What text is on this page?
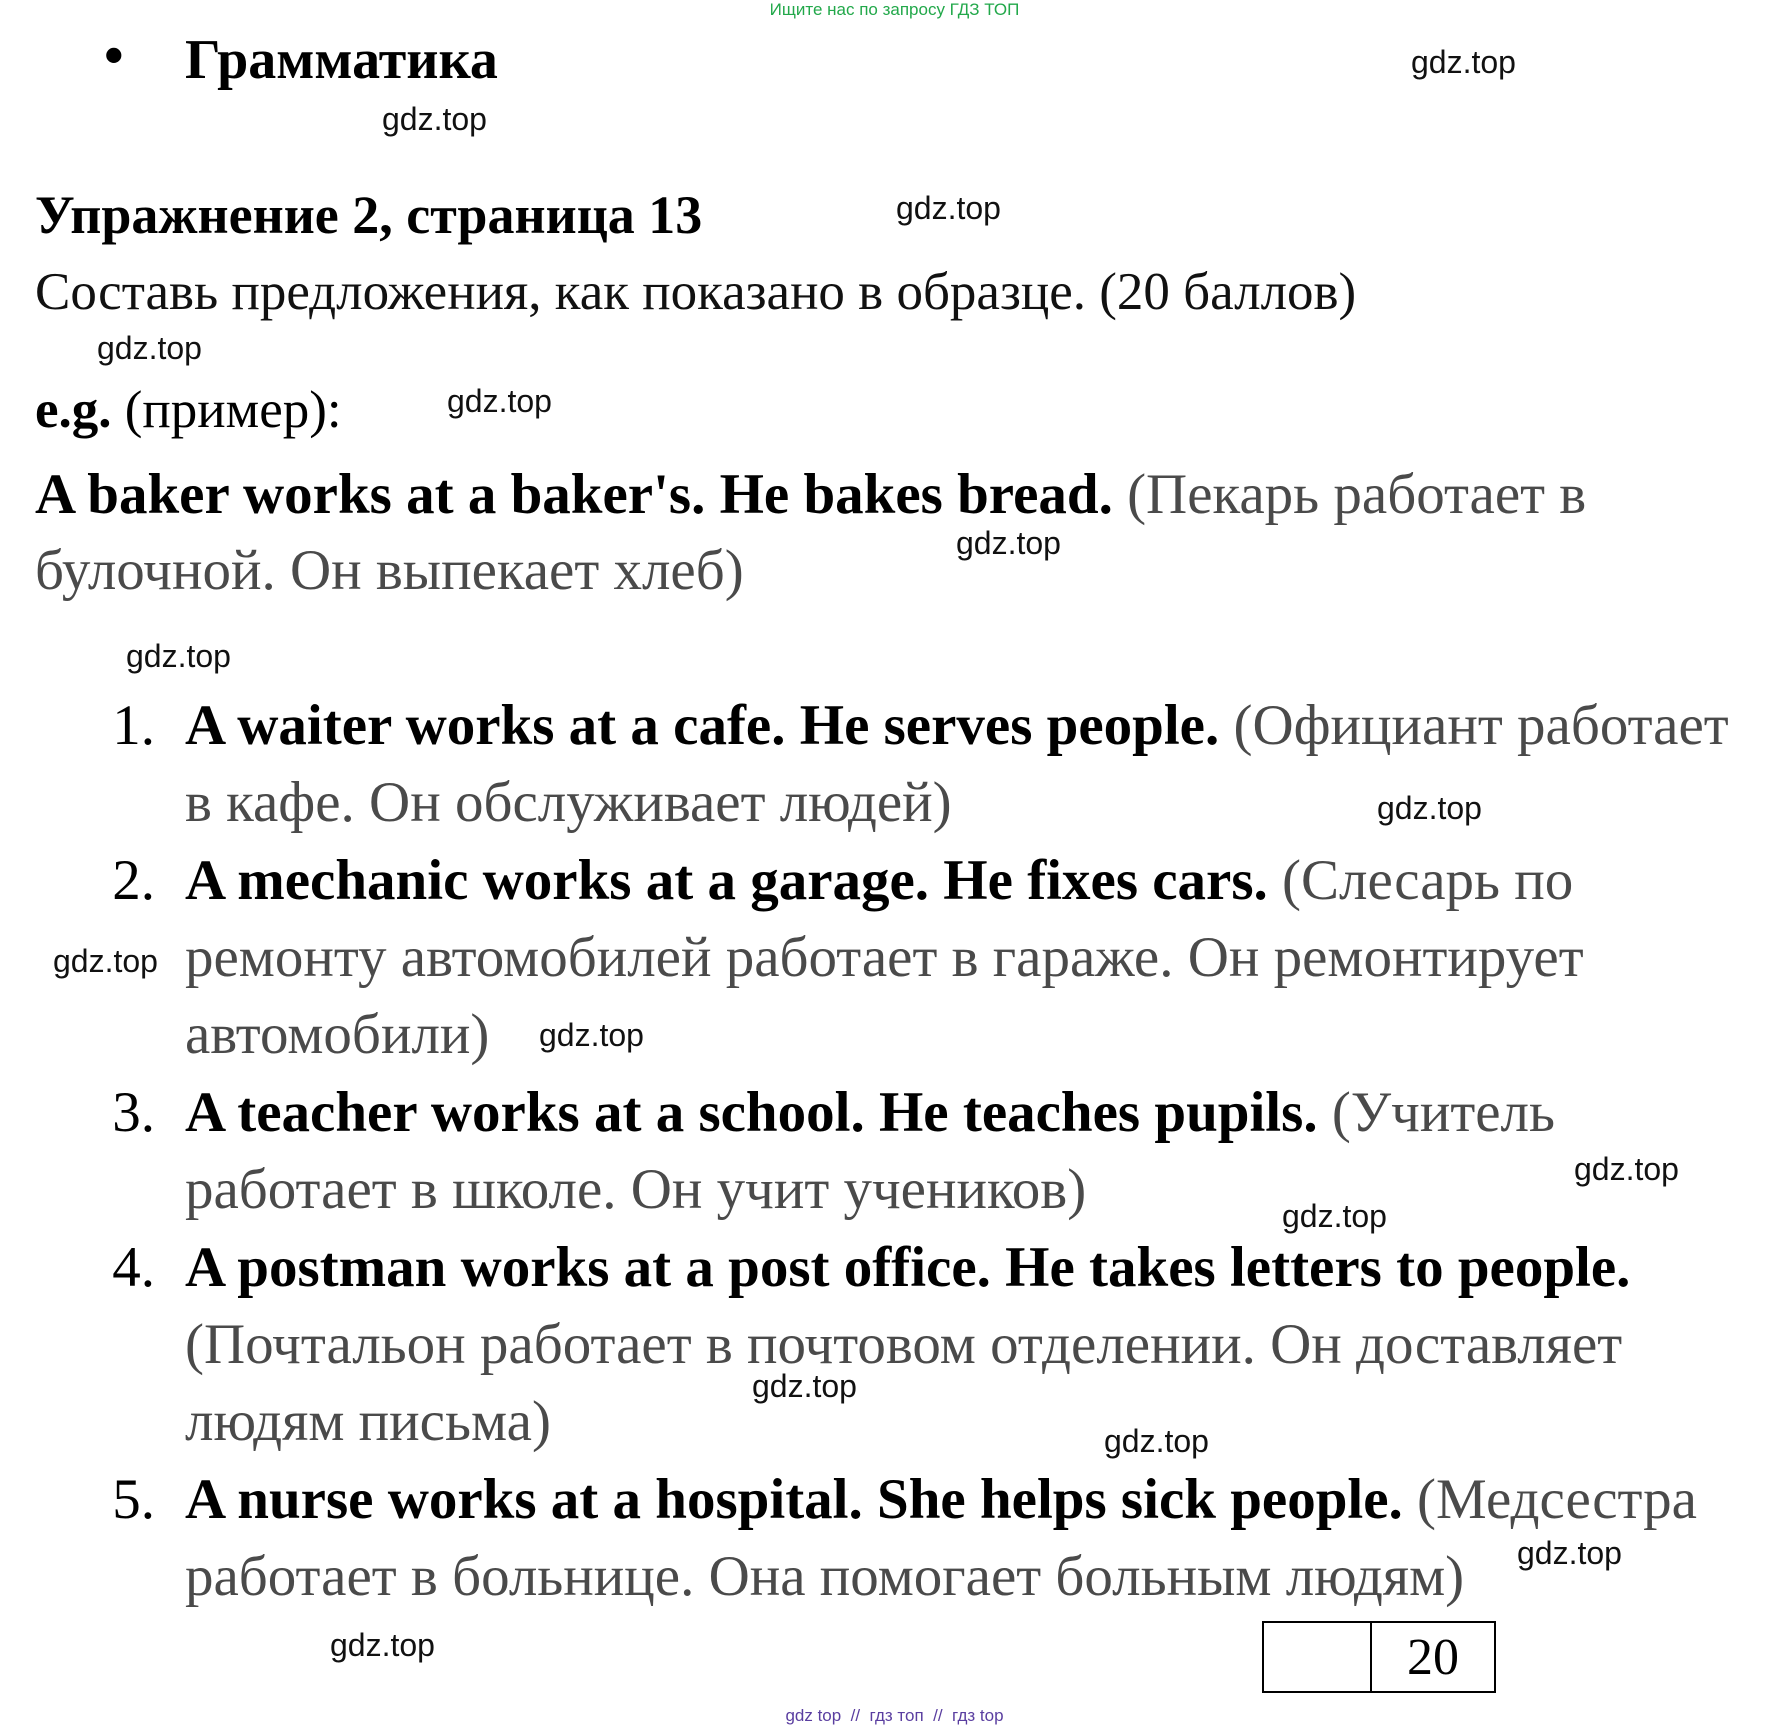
Ищите нас по запросу ГДЗ ТОП
• Грамматика
Упражнение 2, страница 13
Составь предложения, как показано в образце. (20 баллов)
e.g. (пример):
A baker works at a baker's. He bakes bread. (Пекарь работает в
булочной. Он выпекает хлеб)
1. A waiter works at a cafe. He serves people. (Официант работает
в кафе. Он обслуживает людей)
2. A mechanic works at a garage. He fixes cars. (Слесарь по
ремонту автомобилей работает в гараже. Он ремонтирует
автомобили)
3. A teacher works at a school. He teaches pupils. (Учитель
работает в школе. Он учит учеников)
4. A postman works at a post office. He takes letters to people.
(Почтальон работает в почтовом отделении. Он доставляет
людям письма)
5. A nurse works at a hospital. She helps sick people. (Медсестра
работает в больнице. Она помогает больным людям)
20
gdz.top
gdz.top
gdz.top
gdz.top
gdz.top
gdz.top
gdz.top
gdz.top
gdz.top
gdz.top
gdz.top
gdz.top
gdz.top
gdz.top
gdz.top
gdz.top
gdz top  //  гдз топ  //  гдз top
